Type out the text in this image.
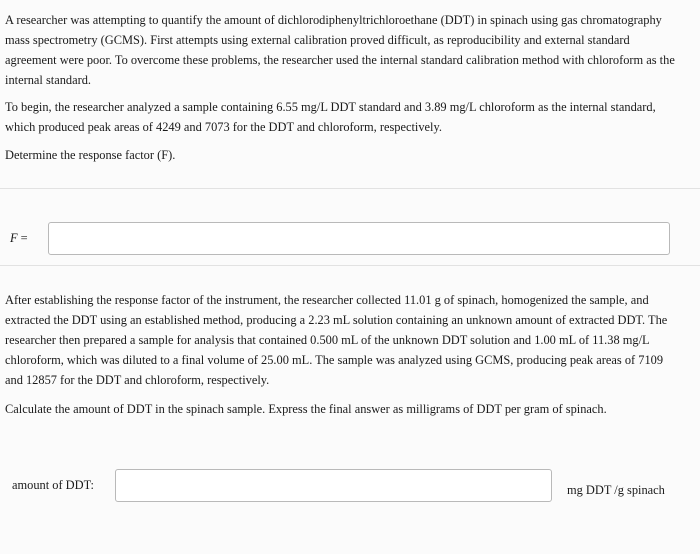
A researcher was attempting to quantify the amount of dichlorodiphenyltrichloroethane (DDT) in spinach using gas chromatography mass spectrometry (GCMS). First attempts using external calibration proved difficult, as reproducibility and external standard agreement were poor. To overcome these problems, the researcher used the internal standard calibration method with chloroform as the internal standard.

To begin, the researcher analyzed a sample containing 6.55 mg/L DDT standard and 3.89 mg/L chloroform as the internal standard, which produced peak areas of 4249 and 7073 for the DDT and chloroform, respectively.

Determine the response factor (F).

F =

After establishing the response factor of the instrument, the researcher collected 11.01 g of spinach, homogenized the sample, and extracted the DDT using an established method, producing a 2.23 mL solution containing an unknown amount of extracted DDT. The researcher then prepared a sample for analysis that contained 0.500 mL of the unknown DDT solution and 1.00 mL of 11.38 mg/L chloroform, which was diluted to a final volume of 25.00 mL. The sample was analyzed using GCMS, producing peak areas of 7109 and 12857 for the DDT and chloroform, respectively.

Calculate the amount of DDT in the spinach sample. Express the final answer as milligrams of DDT per gram of spinach.

amount of DDT:	mg DDT /g spinach
